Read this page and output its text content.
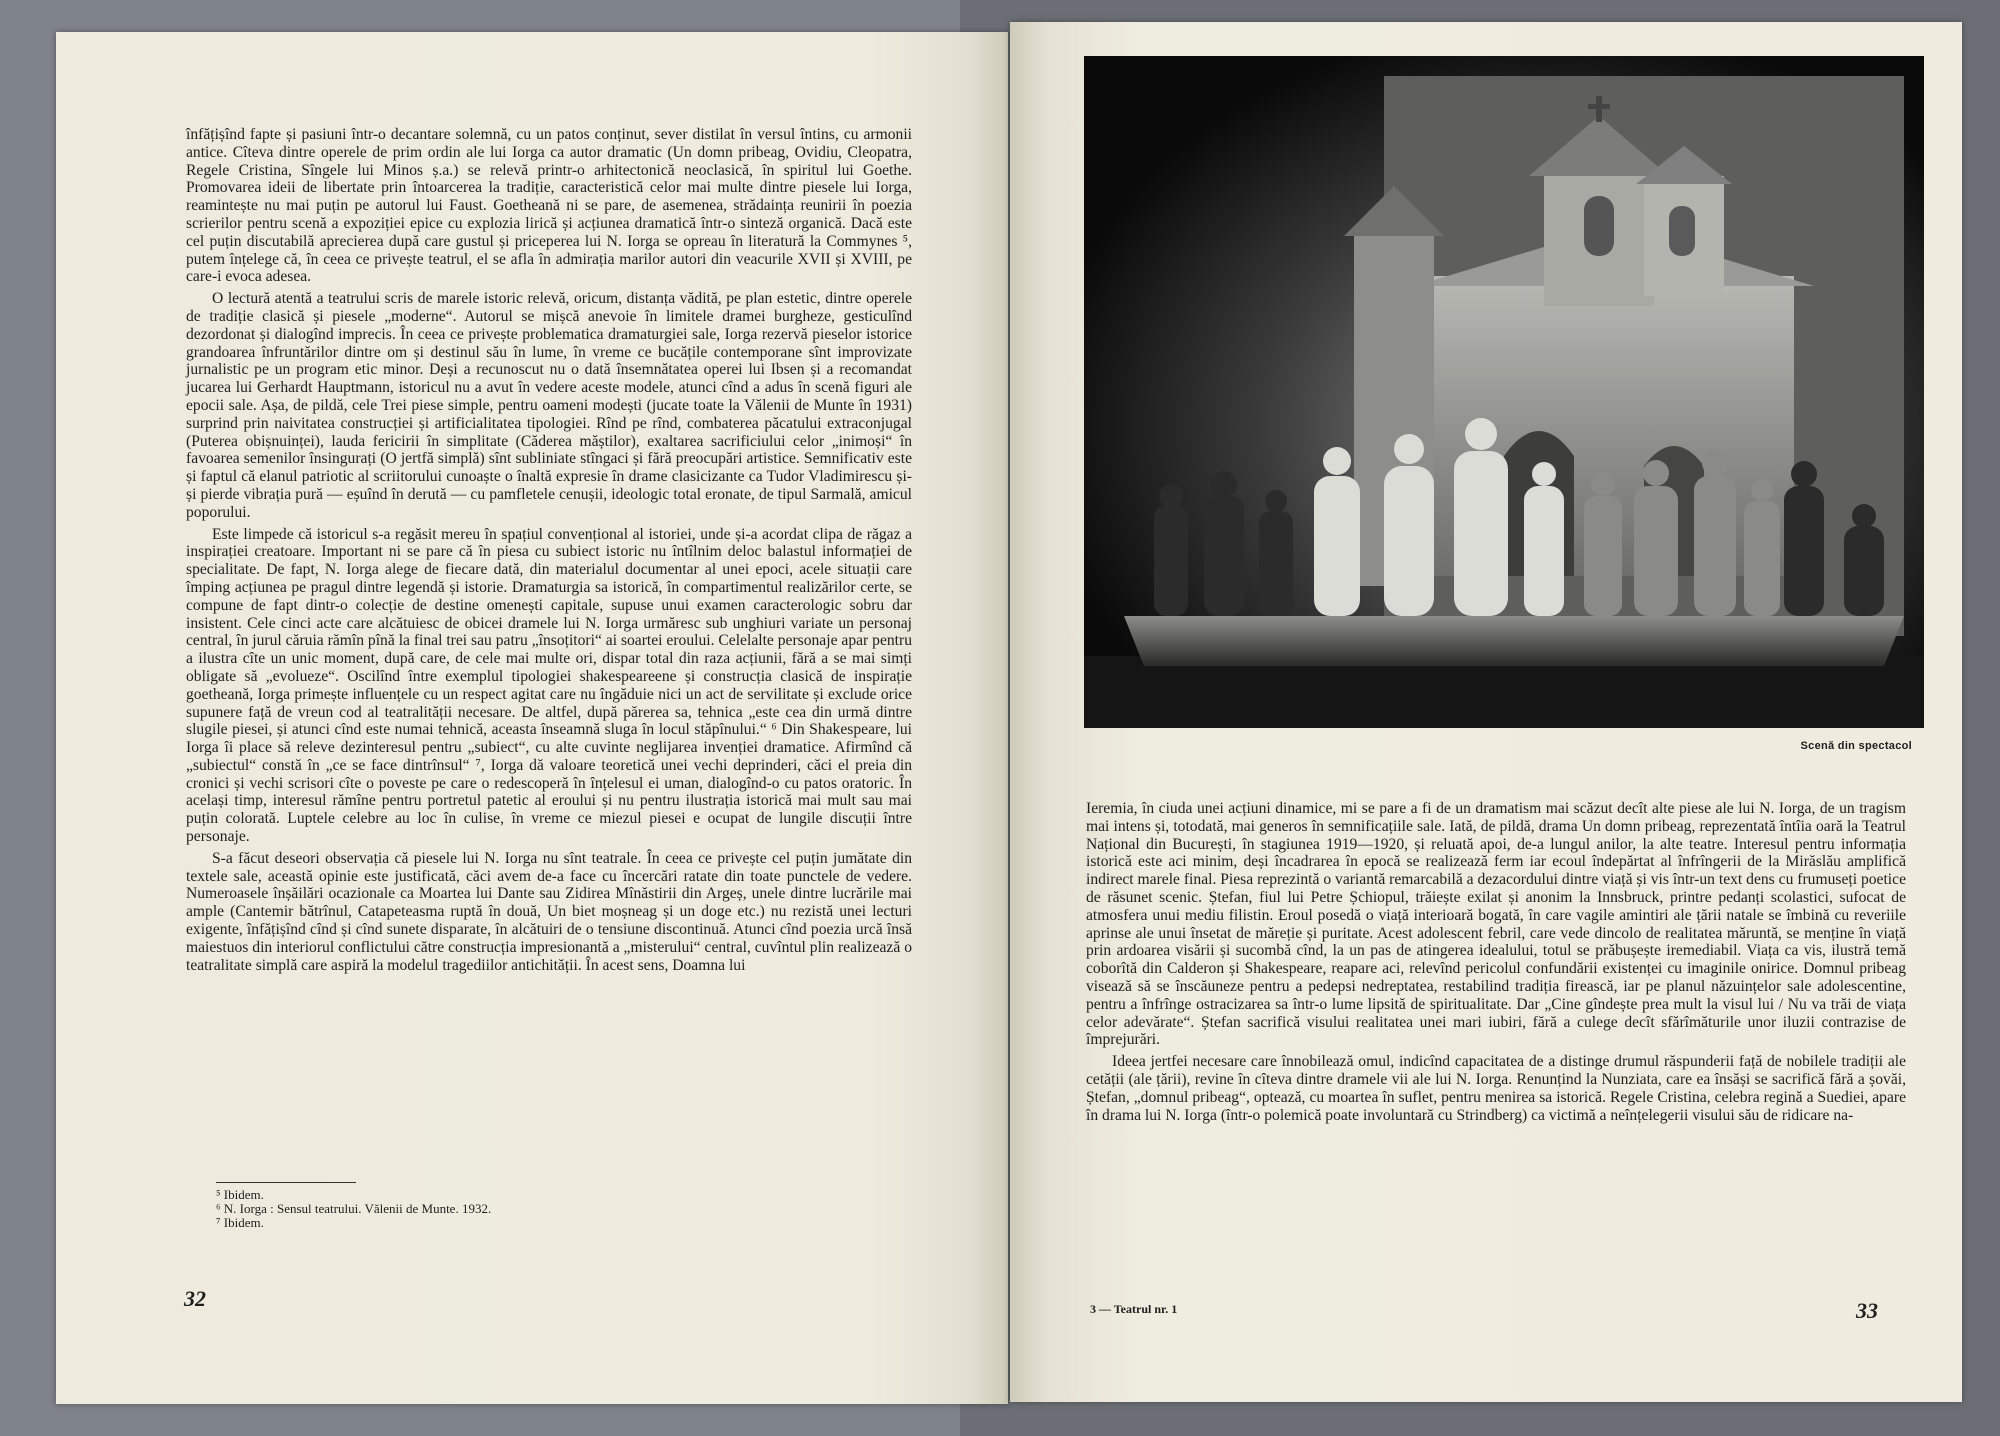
înfățișînd fapte și pasiuni într-o decantare solemnă, cu un patos conținut, sever distilat în versul întins, cu armonii antice. Cîteva dintre operele de prim ordin ale lui Iorga ca autor dramatic (Un domn pribeag, Ovidiu, Cleopatra, Regele Cristina, Sîngele lui Minos ș.a.) se relevă printr-o arhitectonică neoclasică, în spiritul lui Goethe. Promovarea ideii de libertate prin întoarcerea la tradiție, caracteristică celor mai multe dintre piesele lui Iorga, reamintește nu mai puțin pe autorul lui Faust. Goetheană ni se pare, de asemenea, strădaința reunirii în poezia scrierilor pentru scenă a expoziției epice cu explozia lirică și acțiunea dramatică într-o sinteză organică. Dacă este cel puțin discutabilă aprecierea după care gustul și priceperea lui N. Iorga se opreau în literatură la Commynes ⁵, putem înțelege că, în ceea ce privește teatrul, el se afla în admirația marilor autori din veacurile XVII și XVIII, pe care-i evoca adesea.

O lectură atentă a teatrului scris de marele istoric relevă, oricum, distanța vădită, pe plan estetic, dintre operele de tradiție clasică și piesele „moderne“. Autorul se mișcă anevoie în limitele dramei burgheze, gesticulînd dezordonat și dialogînd imprecis. În ceea ce privește problematica dramaturgiei sale, Iorga rezervă pieselor istorice grandoarea înfruntărilor dintre om și destinul său în lume, în vreme ce bucățile contemporane sînt improvizate jurnalistic pe un program etic minor. Deși a recunoscut nu o dată însemnătatea operei lui Ibsen și a recomandat jucarea lui Gerhardt Hauptmann, istoricul nu a avut în vedere aceste modele, atunci cînd a adus în scenă figuri ale epocii sale. Așa, de pildă, cele Trei piese simple, pentru oameni modești (jucate toate la Vălenii de Munte în 1931) surprind prin naivitatea construcției și artificialitatea tipologiei. Rînd pe rînd, combaterea păcatului extraconjugal (Puterea obișnuinței), lauda fericirii în simplitate (Căderea măștilor), exaltarea sacrificiului celor „inimoși“ în favoarea semenilor însingurați (O jertfă simplă) sînt subliniate stîngaci și fără preocupări artistice. Semnificativ este și faptul că elanul patriotic al scriitorului cunoaște o înaltă expresie în drame clasicizante ca Tudor Vladimirescu și-și pierde vibrația pură — eșuînd în derută — cu pamfletele cenușii, ideologic total eronate, de tipul Sarmală, amicul poporului.

Este limpede că istoricul s-a regăsit mereu în spațiul convențional al istoriei, unde și-a acordat clipa de răgaz a inspirației creatoare. Important ni se pare că în piesa cu subiect istoric nu întîlnim deloc balastul informației de specialitate. De fapt, N. Iorga alege de fiecare dată, din materialul documentar al unei epoci, acele situații care împing acțiunea pe pragul dintre legendă și istorie. Dramaturgia sa istorică, în compartimentul realizărilor certe, se compune de fapt dintr-o colecție de destine omenești capitale, supuse unui examen caracterologic sobru dar insistent. Cele cinci acte care alcătuiesc de obicei dramele lui N. Iorga urmăresc sub unghiuri variate un personaj central, în jurul căruia rămîn pînă la final trei sau patru „însoțitori“ ai soartei eroului. Celelalte personaje apar pentru a ilustra cîte un unic moment, după care, de cele mai multe ori, dispar total din raza acțiunii, fără a se mai simți obligate să „evolueze“. Oscilînd între exemplul tipologiei shakespeareene și construcția clasică de inspirație goetheană, Iorga primește influențele cu un respect agitat care nu îngăduie nici un act de servilitate și exclude orice supunere față de vreun cod al teatralității necesare. De altfel, după părerea sa, tehnica „este cea din urmă dintre slugile piesei, și atunci cînd este numai tehnică, aceasta înseamnă sluga în locul stăpînului.“ ⁶ Din Shakespeare, lui Iorga îi place să releve dezinteresul pentru „subiect“, cu alte cuvinte neglijarea invenției dramatice. Afirmînd că „subiectul“ constă în „ce se face dintrînsul“ ⁷, Iorga dă valoare teoretică unei vechi deprinderi, căci el preia din cronici și vechi scrisori cîte o poveste pe care o redescoperă în înțelesul ei uman, dialogînd-o cu patos oratoric. În același timp, interesul rămîne pentru portretul patetic al eroului și nu pentru ilustrația istorică mai mult sau mai puțin colorată. Luptele celebre au loc în culise, în vreme ce miezul piesei e ocupat de lungile discuții între personaje.

S-a făcut deseori observația că piesele lui N. Iorga nu sînt teatrale. În ceea ce privește cel puțin jumătate din textele sale, această opinie este justificată, căci avem de-a face cu încercări ratate din toate punctele de vedere. Numeroasele înșăilări ocazionale ca Moartea lui Dante sau Zidirea Mînăstirii din Argeș, unele dintre lucrările mai ample (Cantemir bătrînul, Catapeteasma ruptă în două, Un biet moșneag și un doge etc.) nu rezistă unei lecturi exigente, înfățișînd cînd și cînd sunete disparate, în alcătuiri de o tensiune discontinuă. Atunci cînd poezia urcă însă maiestuos din interiorul conflictului către construcția impresionantă a „misterului“ central, cuvîntul plin realizează o teatralitate simplă care aspiră la modelul tragediilor antichității. În acest sens, Doamna lui

⁵ Ibidem.
⁶ N. Iorga : Sensul teatrului. Vălenii de Munte. 1932.
⁷ Ibidem.
32
Scenă din spectacol

Ieremia, în ciuda unei acțiuni dinamice, mi se pare a fi de un dramatism mai scăzut decît alte piese ale lui N. Iorga, de un tragism mai intens și, totodată, mai generos în semnificațiile sale. Iată, de pildă, drama Un domn pribeag, reprezentată întîia oară la Teatrul Național din București, în stagiunea 1919—1920, și reluată apoi, de-a lungul anilor, la alte teatre. Interesul pentru informația istorică este aci minim, deși încadrarea în epocă se realizează ferm iar ecoul îndepărtat al înfrîngerii de la Mirăslău amplifică indirect marele final. Piesa reprezintă o variantă remarcabilă a dezacordului dintre viață și vis într-un text dens cu frumuseți poetice de răsunet scenic. Ștefan, fiul lui Petre Șchiopul, trăiește exilat și anonim la Innsbruck, printre pedanți scolastici, sufocat de atmosfera unui mediu filistin. Eroul posedă o viață interioară bogată, în care vagile amintiri ale țării natale se îmbină cu reveriile aprinse ale unui însetat de măreție și puritate. Acest adolescent febril, care vede dincolo de realitatea măruntă, se menține în viață prin ardoarea visării și sucombă cînd, la un pas de atingerea idealului, totul se prăbușește iremediabil. Viața ca vis, ilustră temă coborîtă din Calderon și Shakespeare, reapare aci, relevînd pericolul confundării existenței cu imaginile onirice. Domnul pribeag visează să se înscăuneze pentru a pedepsi nedreptatea, restabilind tradiția firească, iar pe planul năzuințelor sale adolescentine, pentru a înfrînge ostracizarea sa într-o lume lipsită de spiritualitate. Dar „Cine gîndește prea mult la visul lui / Nu va trăi de viața celor adevărate“. Ștefan sacrifică visului realitatea unei mari iubiri, fără a culege decît sfărîmăturile unor iluzii contrazise de împrejurări.

Ideea jertfei necesare care înnobilează omul, indicînd capacitatea de a distinge drumul răspunderii față de nobilele tradiții ale cetății (ale țării), revine în cîteva dintre dramele vii ale lui N. Iorga. Renunțind la Nunziata, care ea însăși se sacrifică fără a șovăi, Ștefan, „domnul pribeag“, optează, cu moartea în suflet, pentru menirea sa istorică. Regele Cristina, celebra regină a Suediei, apare în drama lui N. Iorga (într-o polemică poate involuntară cu Strindberg) ca victimă a neînțelegerii visului său de ridicare na-

3 — Teatrul nr. 1	33
